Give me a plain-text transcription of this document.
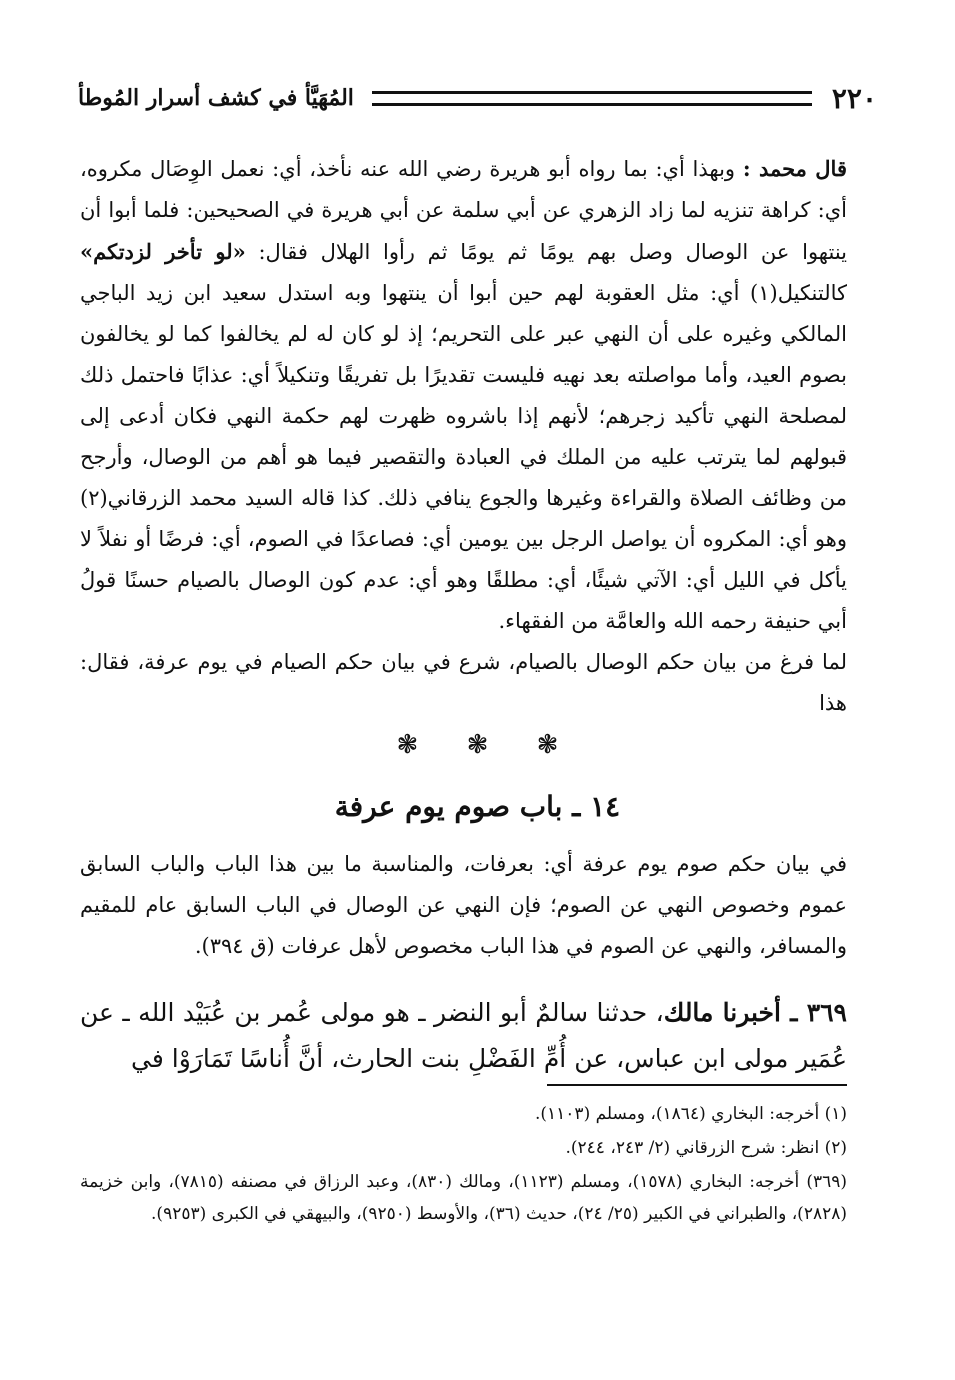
٢٢٠
المُهَيَّأ في كشف أسرار المُوطأ

قال محمد : وبهذا أي: بما رواه أبو هريرة رضي الله عنه نأخذ، أي: نعمل الوِصَال مكروه، أي: كراهة تنزيه لما زاد الزهري عن أبي سلمة عن أبي هريرة في الصحيحين: فلما أبوا أن ينتهوا عن الوصال وصل بهم يومًا ثم يومًا ثم رأوا الهلال فقال: «لو تأخر لزدتكم» كالتنكيل(١) أي: مثل العقوبة لهم حين أبوا أن ينتهوا وبه استدل سعيد ابن زيد الباجي المالكي وغيره على أن النهي عبر على التحريم؛ إذ لو كان له لم يخالفوا كما لو يخالفون بصوم العيد، وأما مواصلته بعد نهيه فليست تقديرًا بل تفريقًا وتنكيلاً أي: عذابًا فاحتمل ذلك لمصلحة النهي تأكيد زجرهم؛ لأنهم إذا باشروه ظهرت لهم حكمة النهي فكان أدعى إلى قبولهم لما يترتب عليه من الملك في العبادة والتقصير فيما هو أهم من الوصال، وأرجح من وظائف الصلاة والقراءة وغيرها والجوع ينافي ذلك. كذا قاله السيد محمد الزرقاني(٢) وهو أي: المكروه أن يواصل الرجل بين يومين أي: فصاعدًا في الصوم، أي: فرضًا أو نفلاً لا يأكل في الليل أي: الآتي شيئًا، أي: مطلقًا وهو أي: عدم كون الوصال بالصيام حسنًا قولُ أبي حنيفة رحمه الله والعامَّة من الفقهاء.

لما فرغ من بيان حكم الوصال بالصيام، شرع في بيان حكم الصيام في يوم عرفة، فقال: هذا

❃ ❃ ❃
١٤ ـ باب صوم يوم عرفة
في بيان حكم صوم يوم عرفة أي: بعرفات، والمناسبة ما بين هذا الباب والباب السابق عموم وخصوص النهي عن الصوم؛ فإن النهي عن الوصال في الباب السابق عام للمقيم والمسافر، والنهي عن الصوم في هذا الباب مخصوص لأهل عرفات (ق ٣٩٤).
٣٦٩ ـ أخبرنا مالك، حدثنا سالمٌ أبو النضر ـ هو مولى عُمر بن عُبَيْد الله ـ عن عُمَير مولى ابن عباس، عن أُمِّ الفَضْلِ بنت الحارث، أنَّ أُناسًا تَمَارَوْا في

(١) أخرجه: البخاري (١٨٦٤)، ومسلم (١١٠٣).

(٢) انظر: شرح الزرقاني (٢/ ٢٤٣، ٢٤٤).

(٣٦٩) أخرجه: البخاري (١٥٧٨)، ومسلم (١١٢٣)، ومالك (٨٣٠)، وعبد الرزاق في مصنفه (٧٨١٥)، وابن خزيمة (٢٨٢٨)، والطبراني في الكبير (٢٥/ ٢٤)، حديث (٣٦)، والأوسط (٩٢٥٠)، والبيهقي في الكبرى (٩٢٥٣).
